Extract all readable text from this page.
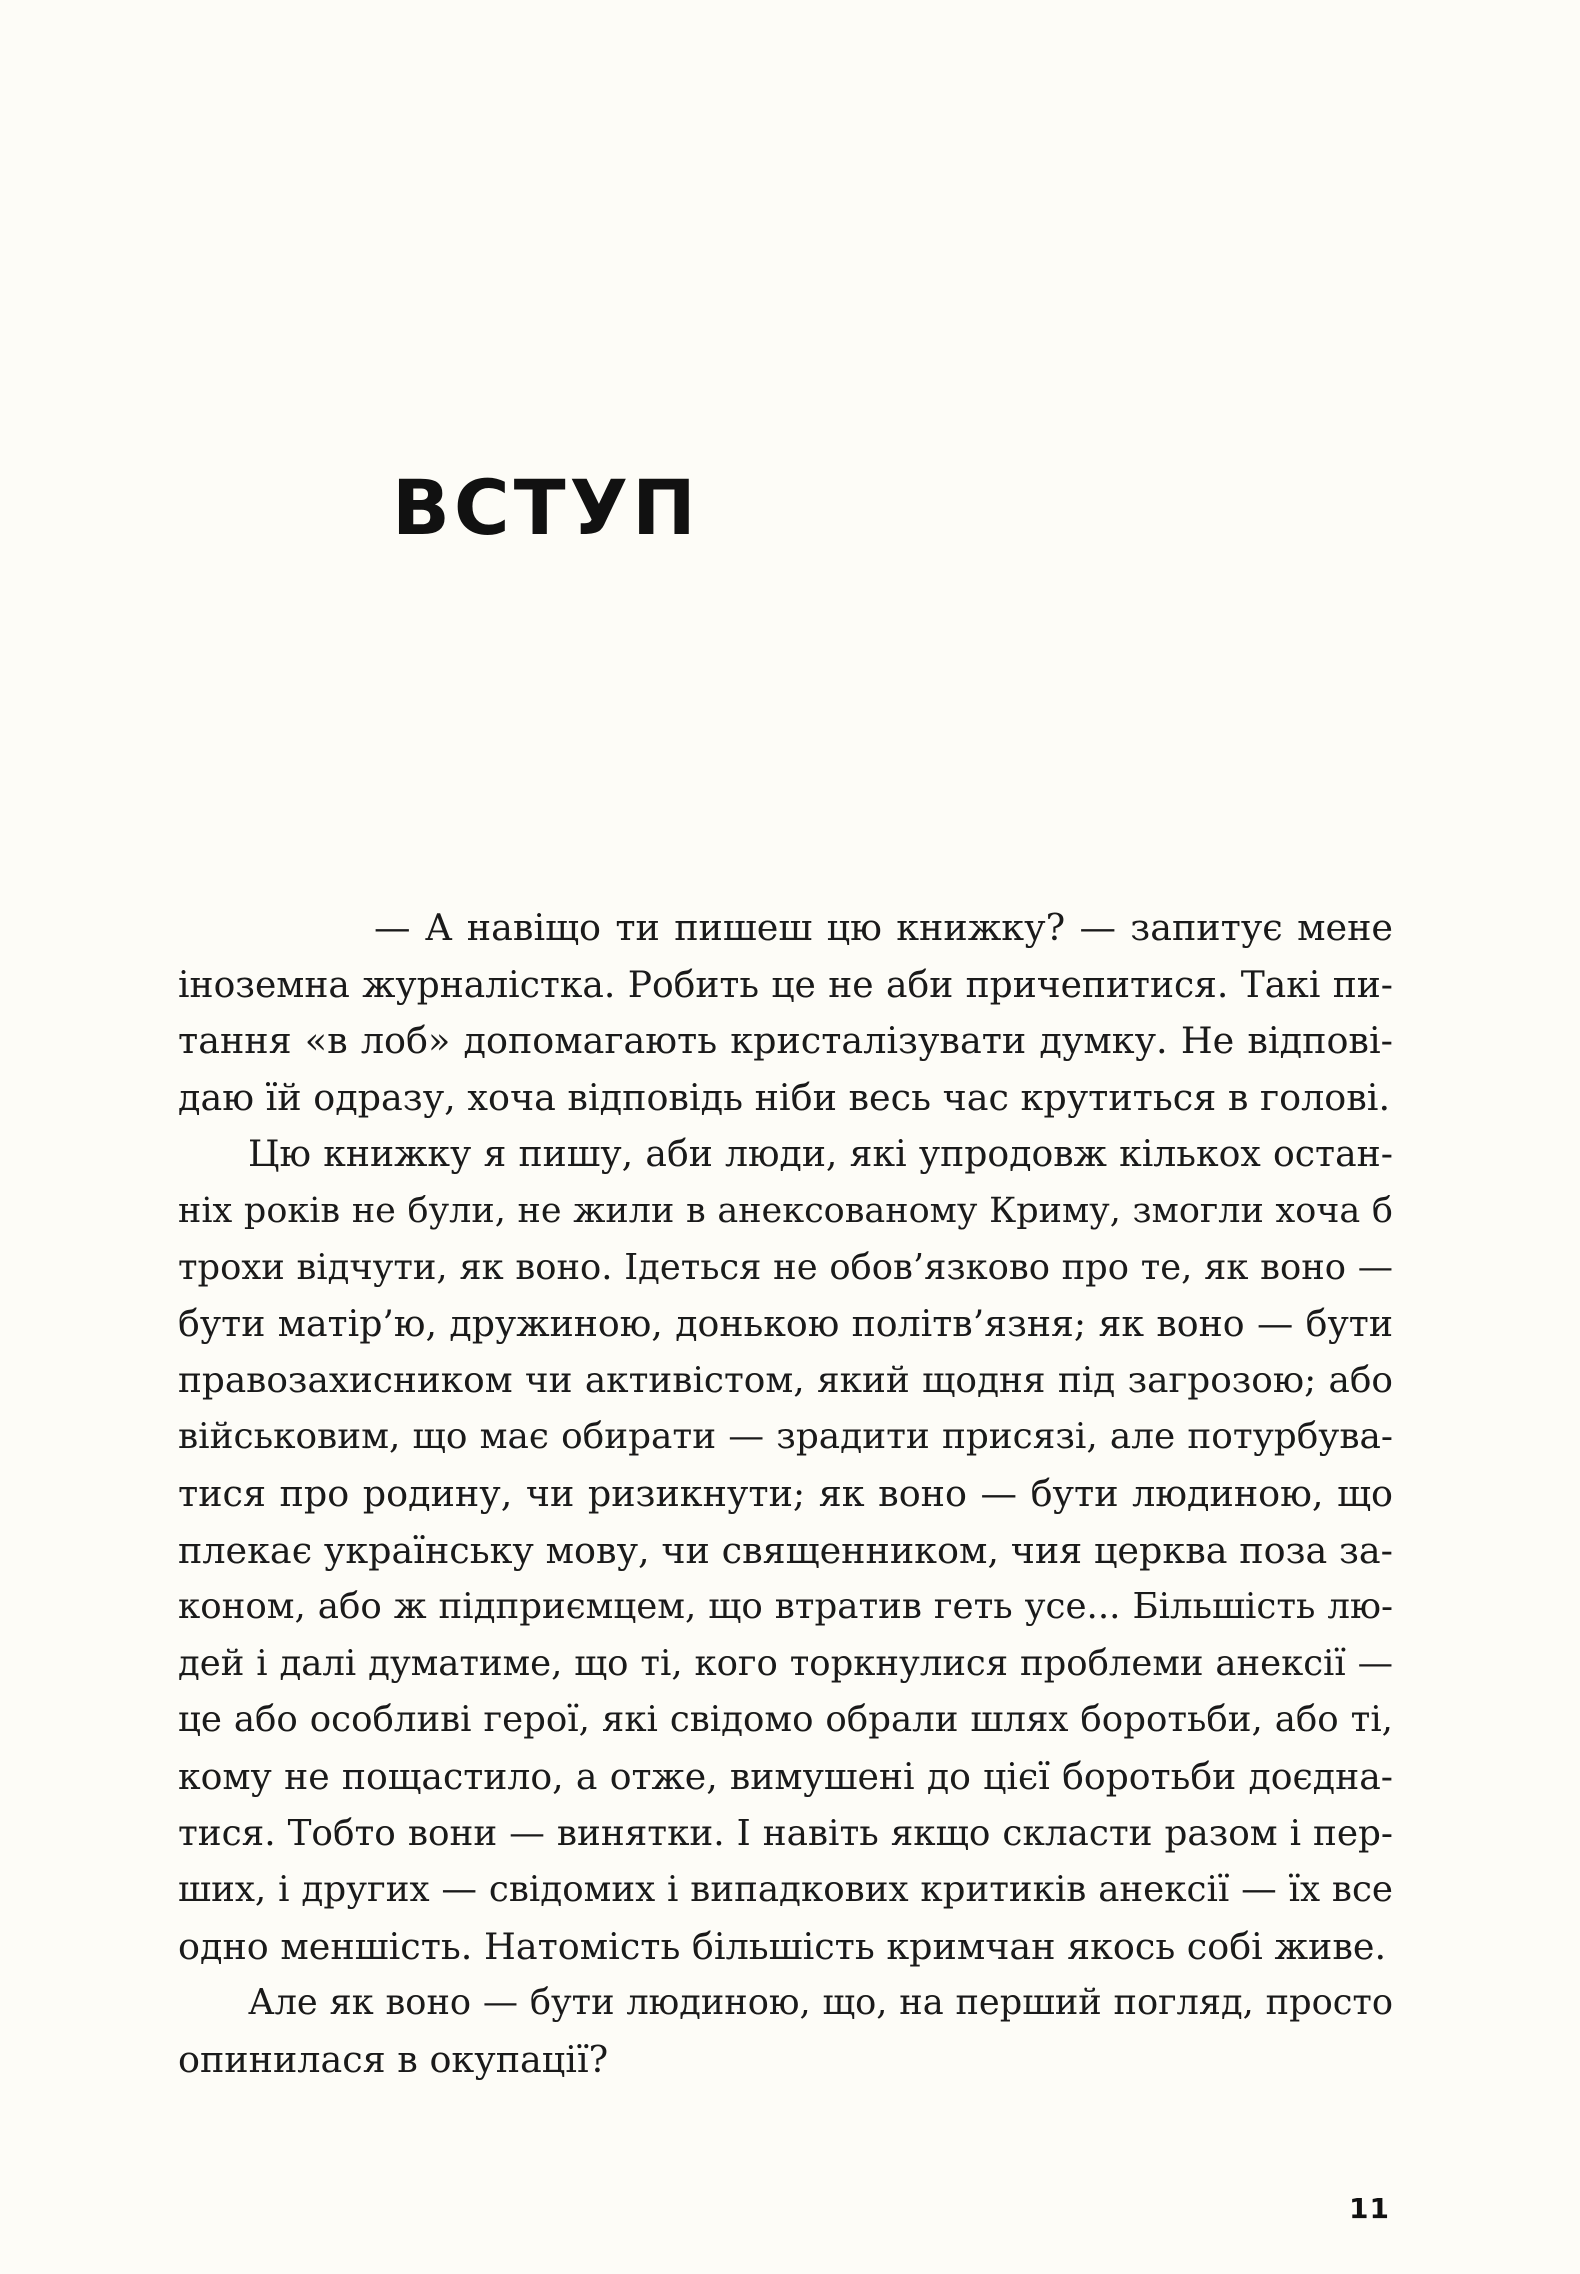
ВСТУП
— А навіщо ти пишеш цю книжку? — запитує мене
іноземна журналістка. Робить це не аби причепитися. Такі пи-
тання «в лоб» допомагають кристалізувати думку. Не відпові-
даю їй одразу, хоча відповідь ніби весь час крутиться в голові.
Цю книжку я пишу, аби люди, які упродовж кількох остан-
ніх років не були, не жили в анексованому Криму, змогли хоча б
трохи відчути, як воно. Ідеться не обов’язково про те, як воно —
бути матір’ю, дружиною, донькою політв’язня; як воно — бути
правозахисником чи активістом, який щодня під загрозою; або
військовим, що має обирати — зрадити присязі, але потурбува-
тися про родину, чи ризикнути; як воно — бути людиною, що
плекає українську мову, чи священником, чия церква поза за-
коном, або ж підприємцем, що втратив геть усе... Більшість лю-
дей і далі думатиме, що ті, кого торкнулися проблеми анексії —
це або особливі герої, які свідомо обрали шлях боротьби, або ті,
кому не пощастило, а отже, вимушені до цієї боротьби доєдна-
тися. Тобто вони — винятки. І навіть якщо скласти разом і пер-
ших, і других — свідомих і випадкових критиків анексії — їх все
одно меншість. Натомість більшість кримчан якось собі живе.
Але як воно — бути людиною, що, на перший погляд, просто
опинилася в окупації?
11
